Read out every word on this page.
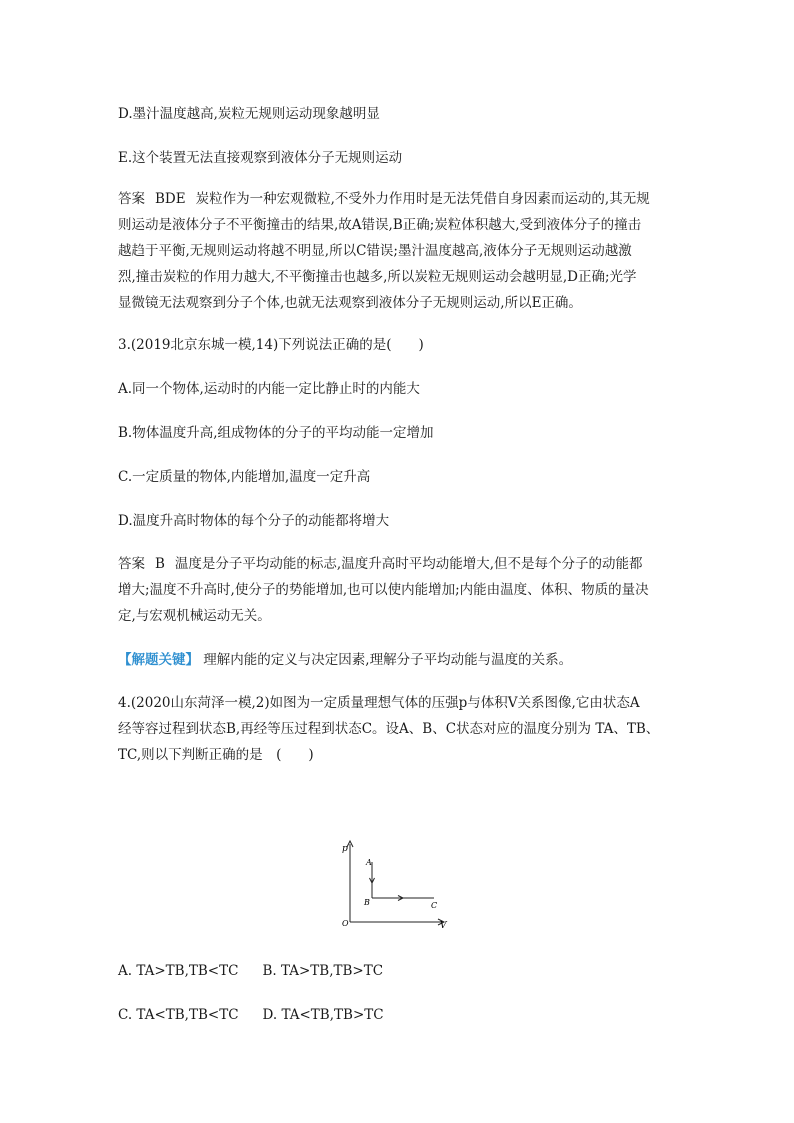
D.墨汁温度越高,炭粒无规则运动现象越明显
E.这个装置无法直接观察到液体分子无规则运动
答案 BDE 炭粒作为一种宏观微粒,不受外力作用时是无法凭借自身因素而运动的,其无规
则运动是液体分子不平衡撞击的结果,故A错误,B正确;炭粒体积越大,受到液体分子的撞击
越趋于平衡,无规则运动将越不明显,所以C错误;墨汁温度越高,液体分子无规则运动越激
烈,撞击炭粒的作用力越大,不平衡撞击也越多,所以炭粒无规则运动会越明显,D正确;光学
显微镜无法观察到分子个体,也就无法观察到液体分子无规则运动,所以E正确。
3.(2019北京东城一模,14)下列说法正确的是(　　)
A.同一个物体,运动时的内能一定比静止时的内能大
B.物体温度升高,组成物体的分子的平均动能一定增加
C.一定质量的物体,内能增加,温度一定升高
D.温度升高时物体的每个分子的动能都将增大
答案 B 温度是分子平均动能的标志,温度升高时平均动能增大,但不是每个分子的动能都
增大;温度不升高时,使分子的势能增加,也可以使内能增加;内能由温度、体积、物质的量决
定,与宏观机械运动无关。
【解题关键】 理解内能的定义与决定因素,理解分子平均动能与温度的关系。
4.(2020山东菏泽一模,2)如图为一定质量理想气体的压强p与体积V关系图像,它由状态A
经等容过程到状态B,再经等压过程到状态C。设A、B、C状态对应的温度分别为 TA、TB、
TC,则以下判断正确的是　(　　)
p
V
O
A
B	C
A. TA>TB,TB<TC B. TA>TB,TB>TC
C. TA<TB,TB<TC D. TA<TB,TB>TC
